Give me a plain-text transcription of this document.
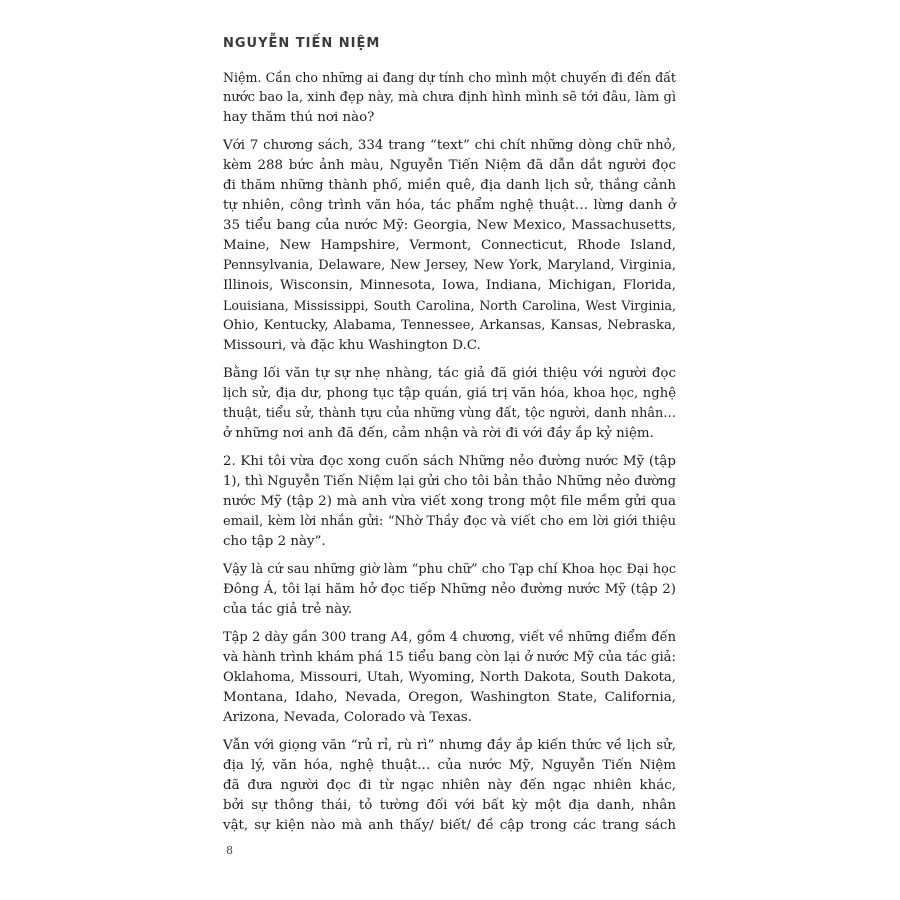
NGUYỄN TIẾN NIỆM

Niệm. Cần cho những ai đang dự tính cho mình một chuyến đi đến đất
nước bao la, xinh đẹp này, mà chưa định hình mình sẽ tới đâu, làm gì
hay thăm thú nơi nào?

Với 7 chương sách, 334 trang “text” chi chít những dòng chữ nhỏ,
kèm 288 bức ảnh màu, Nguyễn Tiến Niệm đã dẫn dắt người đọc
đi thăm những thành phố, miền quê, địa danh lịch sử, thắng cảnh
tự nhiên, công trình văn hóa, tác phẩm nghệ thuật… lừng danh ở
35 tiểu bang của nước Mỹ: Georgia, New Mexico, Massachusetts,
Maine, New Hampshire, Vermont, Connecticut, Rhode Island,
Pennsylvania, Delaware, New Jersey, New York, Maryland, Virginia,
Illinois, Wisconsin, Minnesota, Iowa, Indiana, Michigan, Florida,
Louisiana, Mississippi, South Carolina, North Carolina, West Virginia,
Ohio, Kentucky, Alabama, Tennessee, Arkansas, Kansas, Nebraska,
Missouri, và đặc khu Washington D.C.

Bằng lối văn tự sự nhẹ nhàng, tác giả đã giới thiệu với người đọc
lịch sử, địa dư, phong tục tập quán, giá trị văn hóa, khoa học, nghệ
thuật, tiểu sử, thành tựu của những vùng đất, tộc người, danh nhân…
ở những nơi anh đã đến, cảm nhận và rời đi với đầy ắp kỷ niệm.

2. Khi tôi vừa đọc xong cuốn sách Những nẻo đường nước Mỹ (tập
1), thì Nguyễn Tiến Niệm lại gửi cho tôi bản thảo Những nẻo đường
nước Mỹ (tập 2) mà anh vừa viết xong trong một file mềm gửi qua
email, kèm lời nhắn gửi: “Nhờ Thầy đọc và viết cho em lời giới thiệu
cho tập 2 này”.

Vậy là cứ sau những giờ làm “phu chữ” cho Tạp chí Khoa học Đại học
Đông Á, tôi lại hăm hở đọc tiếp Những nẻo đường nước Mỹ (tập 2)
của tác giả trẻ này.

Tập 2 dày gần 300 trang A4, gồm 4 chương, viết về những điểm đến
và hành trình khám phá 15 tiểu bang còn lại ở nước Mỹ của tác giả:
Oklahoma, Missouri, Utah, Wyoming, North Dakota, South Dakota,
Montana, Idaho, Nevada, Oregon, Washington State, California,
Arizona, Nevada, Colorado và Texas.

Vẫn với giọng văn “rủ rỉ, rù rì” nhưng đầy ắp kiến thức về lịch sử,
địa lý, văn hóa, nghệ thuật… của nước Mỹ, Nguyễn Tiến Niệm
đã đưa người đọc đi từ ngạc nhiên này đến ngạc nhiên khác,
bởi sự thông thái, tỏ tường đối với bất kỳ một địa danh, nhân
vật, sự kiện nào mà anh thấy/ biết/ đề cập trong các trang sách

8
